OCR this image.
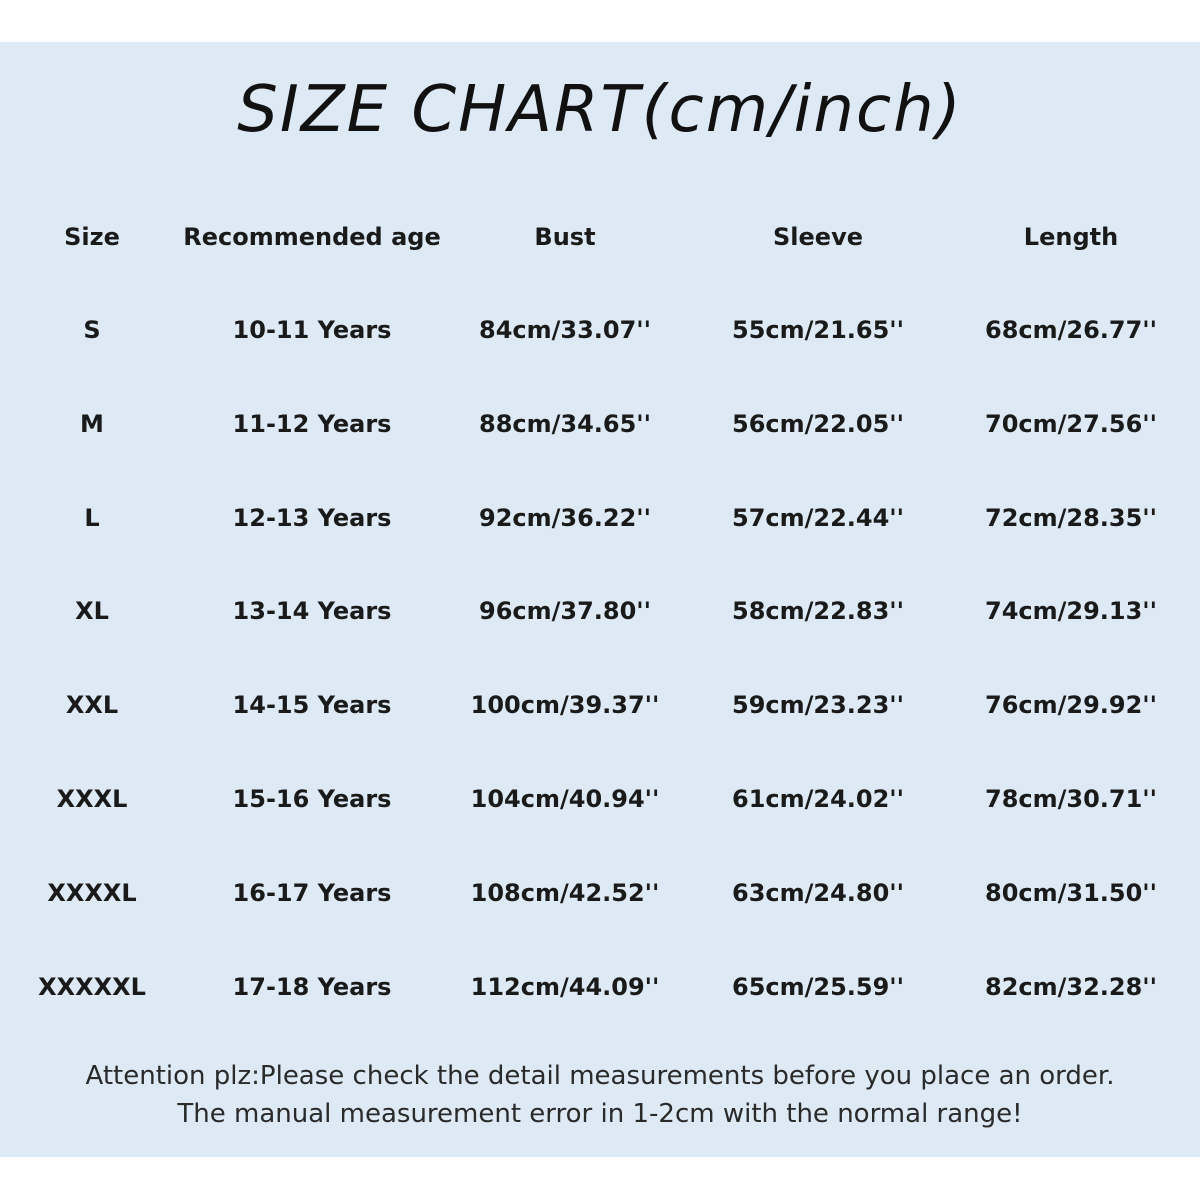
SIZE CHART(cm/inch)
Size	Recommended age	Bust	Sleeve	Length
S	10-11 Years	84cm/33.07''	55cm/21.65''	68cm/26.77''
M	11-12 Years	88cm/34.65''	56cm/22.05''	70cm/27.56''
L	12-13 Years	92cm/36.22''	57cm/22.44''	72cm/28.35''
XL	13-14 Years	96cm/37.80''	58cm/22.83''	74cm/29.13''
XXL	14-15 Years	100cm/39.37''	59cm/23.23''	76cm/29.92''
XXXL	15-16 Years	104cm/40.94''	61cm/24.02''	78cm/30.71''
XXXXL	16-17 Years	108cm/42.52''	63cm/24.80''	80cm/31.50''
XXXXXL	17-18 Years	112cm/44.09''	65cm/25.59''	82cm/32.28''
Attention plz:Please check the detail measurements before you place an order.
The manual measurement error in 1-2cm with the normal range!
